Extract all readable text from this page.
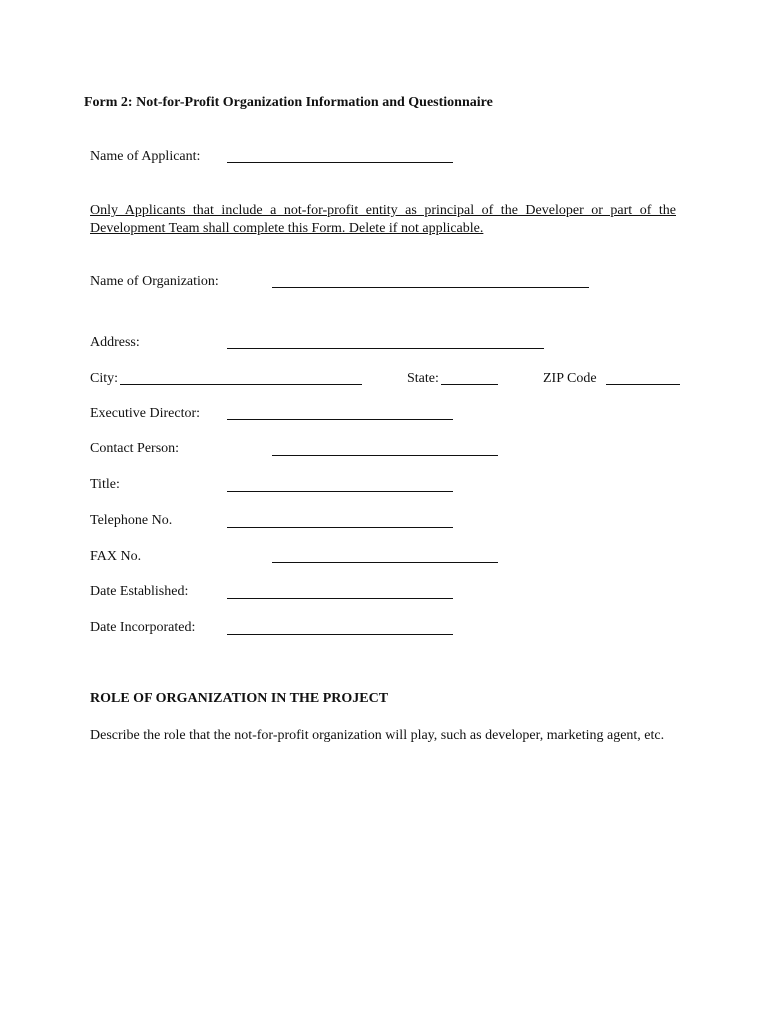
Form 2: Not-for-Profit Organization Information and Questionnaire
Name of Applicant:
Only Applicants that include a not-for-profit entity as principal of the Developer or part of the Development Team shall complete this Form. Delete if not applicable.
Name of Organization:
Address:
City:	State:	ZIP Code
Executive Director:
Contact Person:
Title:
Telephone No.
FAX No.
Date Established:
Date Incorporated:
ROLE OF ORGANIZATION IN THE PROJECT
Describe the role that the not-for-profit organization will play, such as developer, marketing agent, etc.
